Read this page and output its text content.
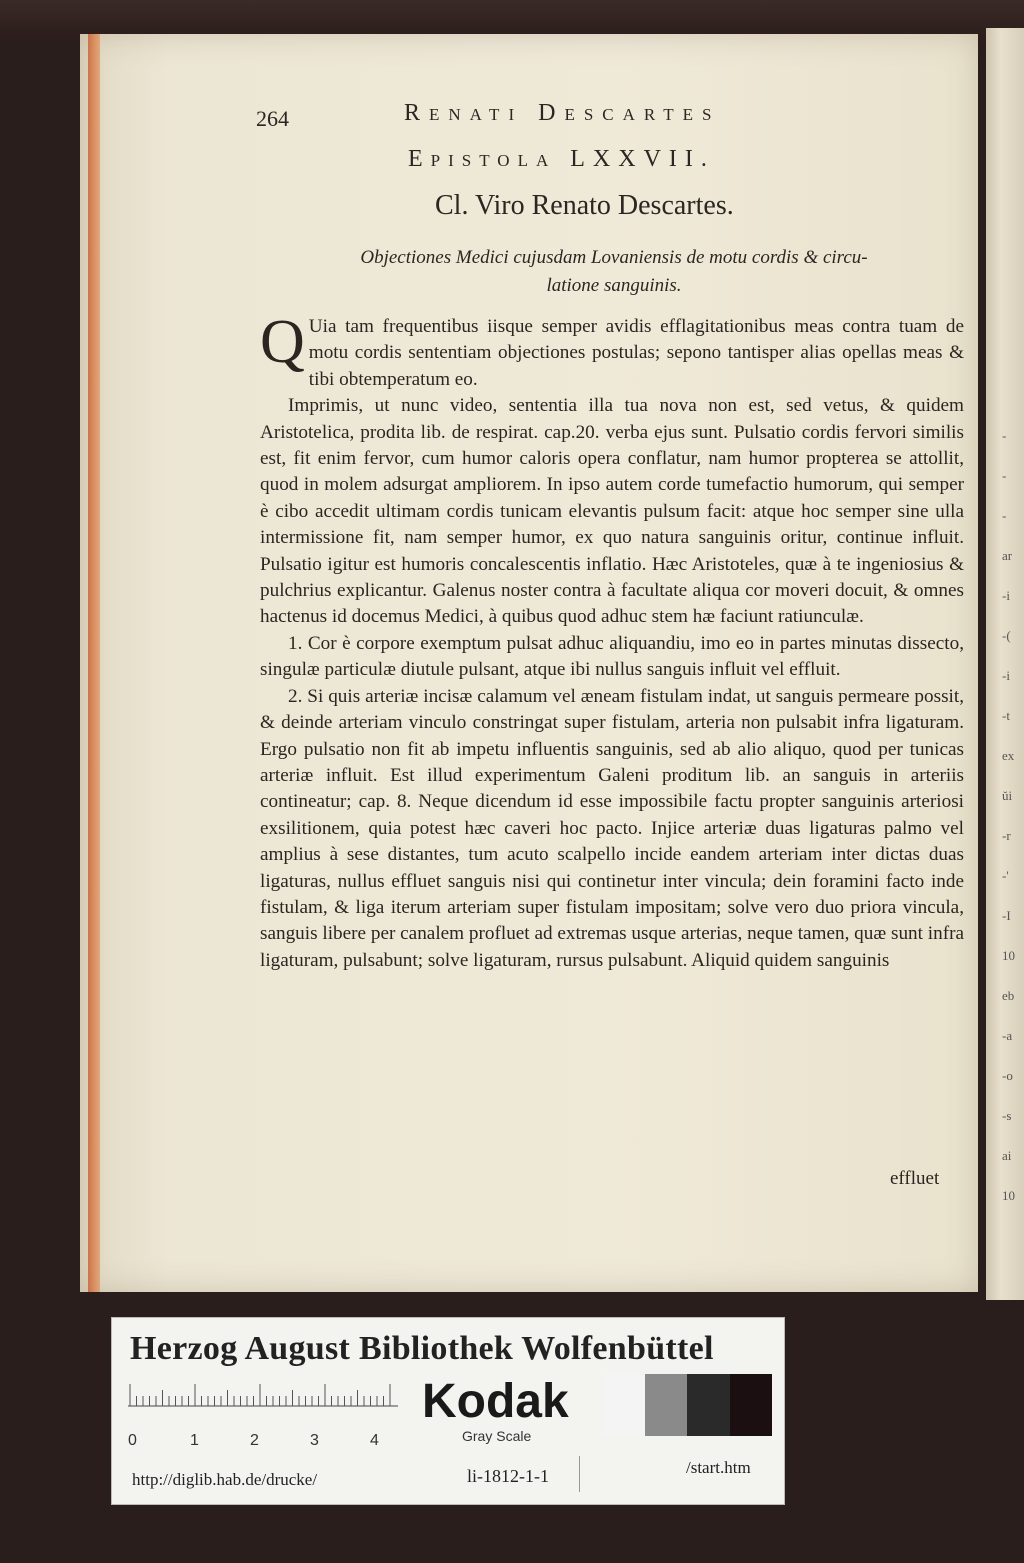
-
-
-
ar
-i
-(
-i
-t
ex
ŭi
-r
-'
-I
10
eb
-a
-o
-s
ai
10
264	Renati Descartes
Epistola LXXVII.
Cl. Viro Renato Descartes.
Objectiones Medici cujusdam Lovaniensis de motu cordis & circu-
latione sanguinis.

Q Uia tam frequentibus iisque semper avidis efflagitationibus meas contra tuam de motu cordis sententiam objectiones postulas; sepono tantisper alias opellas meas & tibi obtemperatum eo.

Imprimis, ut nunc video, sententia illa tua nova non est, sed vetus, & quidem Aristotelica, prodita lib. de respirat. cap.20. verba ejus sunt. Pulsatio cordis fervori similis est, fit enim fervor, cum humor caloris opera conflatur, nam humor propterea se attollit, quod in molem adsurgat ampliorem. In ipso autem corde tumefactio humorum, qui semper è cibo accedit ultimam cordis tunicam elevantis pulsum facit: atque hoc semper sine ulla intermissione fit, nam semper humor, ex quo natura sanguinis oritur, continue influit. Pulsatio igitur est humoris concalescentis inflatio. Hæc Aristoteles, quæ à te ingeniosius & pulchrius explicantur. Galenus noster contra à facultate aliqua cor moveri docuit, & omnes hactenus id docemus Medici, à quibus quod adhuc stem hæ faciunt ratiunculæ.

1. Cor è corpore exemptum pulsat adhuc aliquandiu, imo eo in partes minutas dissecto, singulæ particulæ diutule pulsant, atque ibi nullus sanguis influit vel effluit.

2. Si quis arteriæ incisæ calamum vel æneam fistulam indat, ut sanguis permeare possit, & deinde arteriam vinculo constringat super fistulam, arteria non pulsabit infra ligaturam. Ergo pulsatio non fit ab impetu influentis sanguinis, sed ab alio aliquo, quod per tunicas arteriæ influit. Est illud experimentum Galeni proditum lib. an sanguis in arteriis contineatur; cap. 8. Neque dicendum id esse impossibile factu propter sanguinis arteriosi exsilitionem, quia potest hæc caveri hoc pacto. Injice arteriæ duas ligaturas palmo vel amplius à sese distantes, tum acuto scalpello incide eandem arteriam inter dictas duas ligaturas, nullus effluet sanguis nisi qui continetur inter vincula; dein foramini facto inde fistulam, & liga iterum arteriam super fistulam impositam; solve vero duo priora vincula, sanguis libere per canalem profluet ad extremas usque arterias, neque tamen, quæ sunt infra ligaturam, pulsabunt; solve ligaturam, rursus pulsabunt. Aliquid quidem sanguinis

effluet
Herzog August Bibliothek Wolfenbüttel
0	1	2	3	4
Kodak
Gray Scale
http://diglib.hab.de/drucke/	li-1812-1-1	/start.htm
